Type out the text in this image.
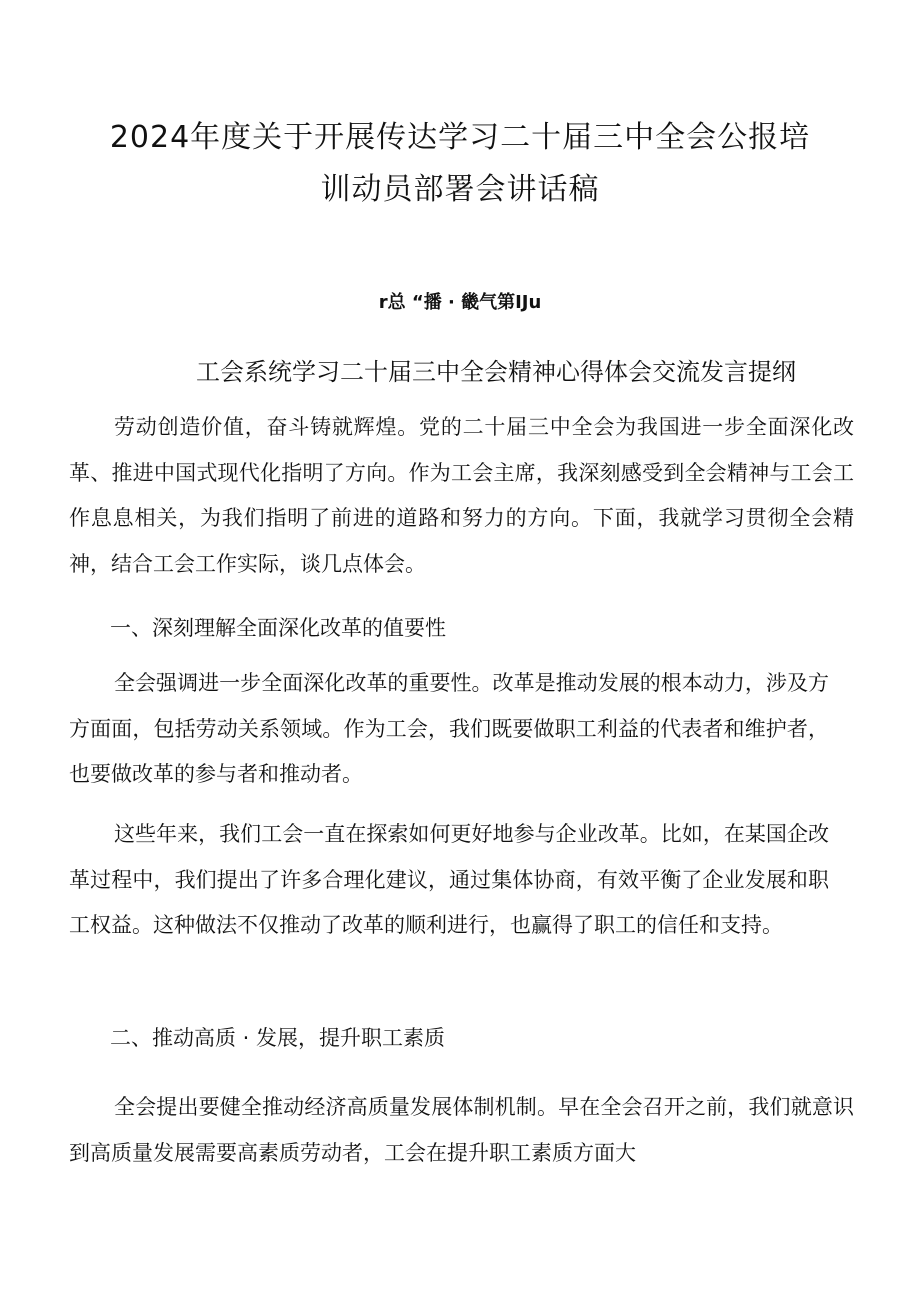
2024年度关于开展传达学习二十届三中全会公报培
训动员部署会讲话稿
r总 “播 · 畿气第IJu
工会系统学习二十届三中全会精神心得体会交流发言提纲

劳动创造价值，奋斗铸就辉煌。党的二十届三中全会为我国进一步全面深化改革、推进中国式现代化指明了方向。作为工会主席，我深刻感受到全会精神与工会工作息息相关，为我们指明了前进的道路和努力的方向。下面，我就学习贯彻全会精神，结合工会工作实际，谈几点体会。

一、深刻理解全面深化改革的值要性

全会强调进一步全面深化改革的重要性。改革是推动发展的根本动力，涉及方方面面，包括劳动关系领域。作为工会，我们既要做职工利益的代表者和维护者，也要做改革的参与者和推动者。

这些年来，我们工会一直在探索如何更好地参与企业改革。比如，在某国企改革过程中，我们提出了许多合理化建议，通过集体协商，有效平衡了企业发展和职工权益。这种做法不仅推动了改革的顺利进行，也赢得了职工的信任和支持。

二、推动高质 · 发展，提升职工素质

全会提出要健全推动经济高质量发展体制机制。早在全会召开之前，我们就意识到高质量发展需要高素质劳动者，工会在提升职工素质方面大
